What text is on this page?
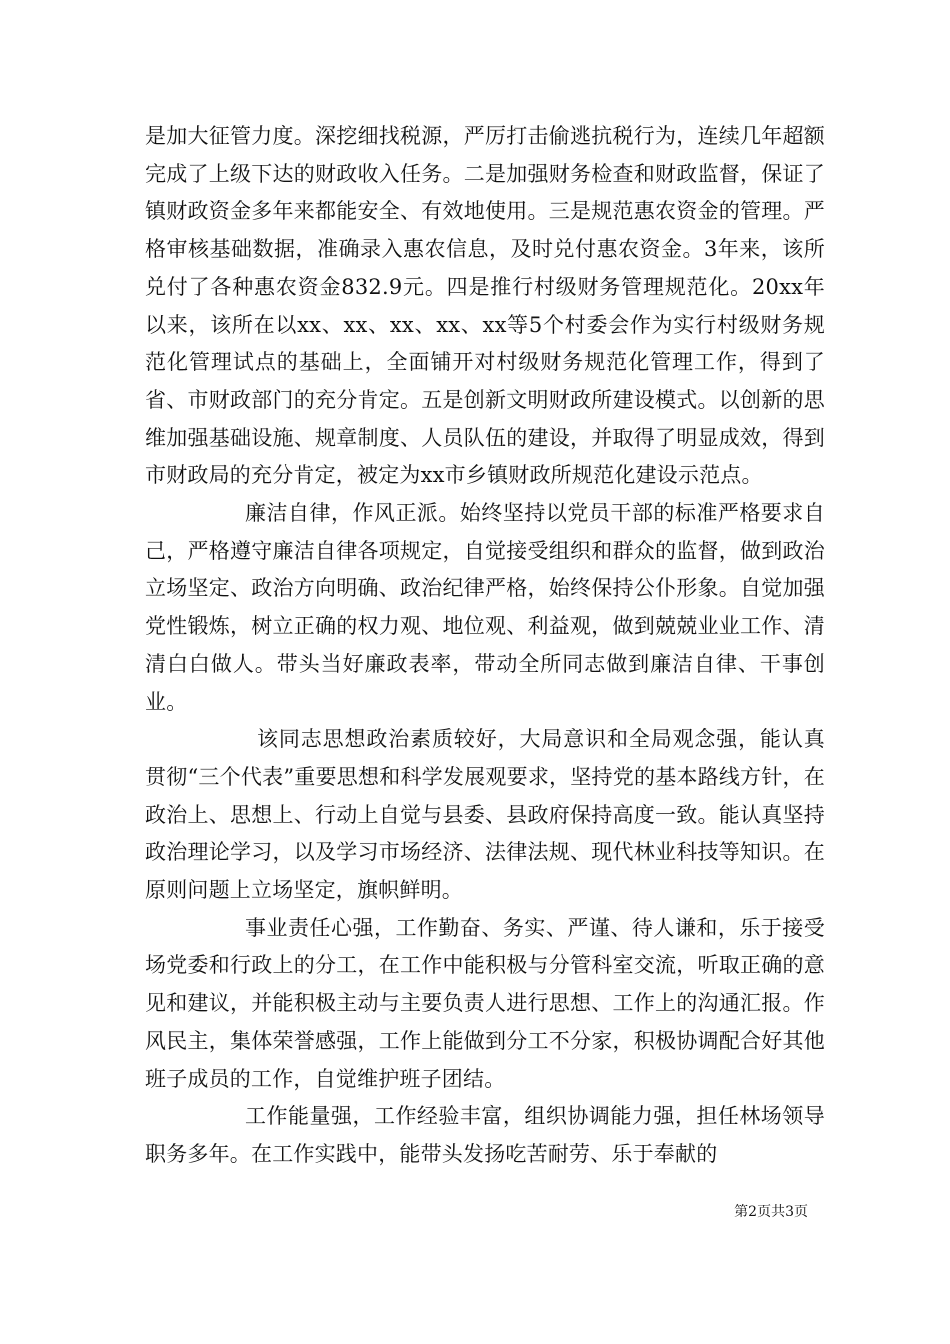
是加大征管力度。深挖细找税源，严厉打击偷逃抗税行为，连续几年超额完成了上级下达的财政收入任务。二是加强财务检查和财政监督，保证了镇财政资金多年来都能安全、有效地使用。三是规范惠农资金的管理。严格审核基础数据，准确录入惠农信息，及时兑付惠农资金。3年来，该所兑付了各种惠农资金832.9元。四是推行村级财务管理规范化。20xx年以来，该所在以xx、xx、xx、xx、xx等5个村委会作为实行村级财务规范化管理试点的基础上，全面铺开对村级财务规范化管理工作，得到了省、市财政部门的充分肯定。五是创新文明财政所建设模式。以创新的思维加强基础设施、规章制度、人员队伍的建设，并取得了明显成效，得到市财政局的充分肯定，被定为xx市乡镇财政所规范化建设示范点。

廉洁自律，作风正派。始终坚持以党员干部的标准严格要求自己，严格遵守廉洁自律各项规定，自觉接受组织和群众的监督，做到政治立场坚定、政治方向明确、政治纪律严格，始终保持公仆形象。自觉加强党性锻炼，树立正确的权力观、地位观、利益观，做到兢兢业业工作、清清白白做人。带头当好廉政表率，带动全所同志做到廉洁自律、干事创业。

该同志思想政治素质较好，大局意识和全局观念强，能认真贯彻“三个代表”重要思想和科学发展观要求，坚持党的基本路线方针，在政治上、思想上、行动上自觉与县委、县政府保持高度一致。能认真坚持政治理论学习，以及学习市场经济、法律法规、现代林业科技等知识。在原则问题上立场坚定，旗帜鲜明。

事业责任心强，工作勤奋、务实、严谨、待人谦和，乐于接受场党委和行政上的分工，在工作中能积极与分管科室交流，听取正确的意见和建议，并能积极主动与主要负责人进行思想、工作上的沟通汇报。作风民主，集体荣誉感强，工作上能做到分工不分家，积极协调配合好其他班子成员的工作，自觉维护班子团结。

工作能量强，工作经验丰富，组织协调能力强，担任林场领导职务多年。在工作实践中，能带头发扬吃苦耐劳、乐于奉献的

第2页共3页
